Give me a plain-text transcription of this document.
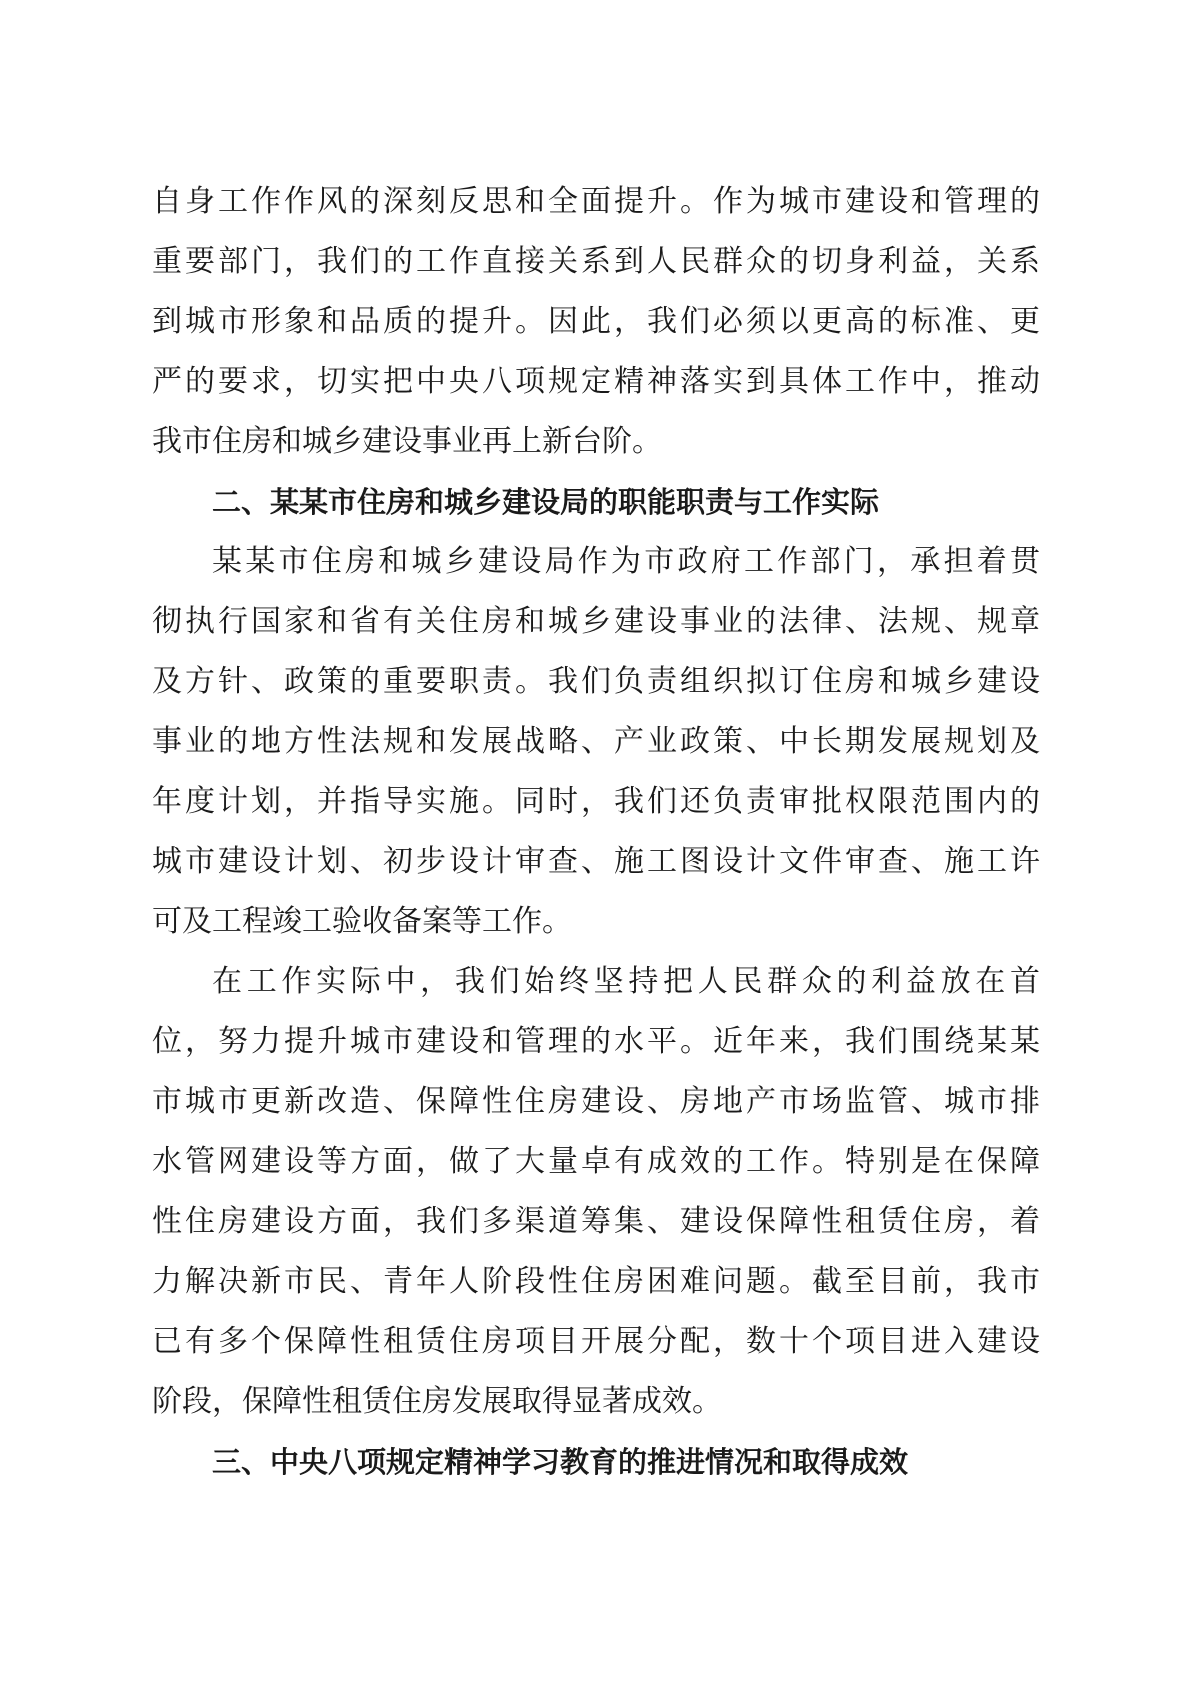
自身工作作风的深刻反思和全面提升。作为城市建设和管理的
重要部门，我们的工作直接关系到人民群众的切身利益，关系
到城市形象和品质的提升。因此，我们必须以更高的标准、更
严的要求，切实把中央八项规定精神落实到具体工作中，推动
我市住房和城乡建设事业再上新台阶。
二、某某市住房和城乡建设局的职能职责与工作实际
某某市住房和城乡建设局作为市政府工作部门，承担着贯
彻执行国家和省有关住房和城乡建设事业的法律、法规、规章
及方针、政策的重要职责。我们负责组织拟订住房和城乡建设
事业的地方性法规和发展战略、产业政策、中长期发展规划及
年度计划，并指导实施。同时，我们还负责审批权限范围内的
城市建设计划、初步设计审查、施工图设计文件审查、施工许
可及工程竣工验收备案等工作。
在工作实际中，我们始终坚持把人民群众的利益放在首
位，努力提升城市建设和管理的水平。近年来，我们围绕某某
市城市更新改造、保障性住房建设、房地产市场监管、城市排
水管网建设等方面，做了大量卓有成效的工作。特别是在保障
性住房建设方面，我们多渠道筹集、建设保障性租赁住房，着
力解决新市民、青年人阶段性住房困难问题。截至目前，我市
已有多个保障性租赁住房项目开展分配，数十个项目进入建设
阶段，保障性租赁住房发展取得显著成效。
三、中央八项规定精神学习教育的推进情况和取得成效
